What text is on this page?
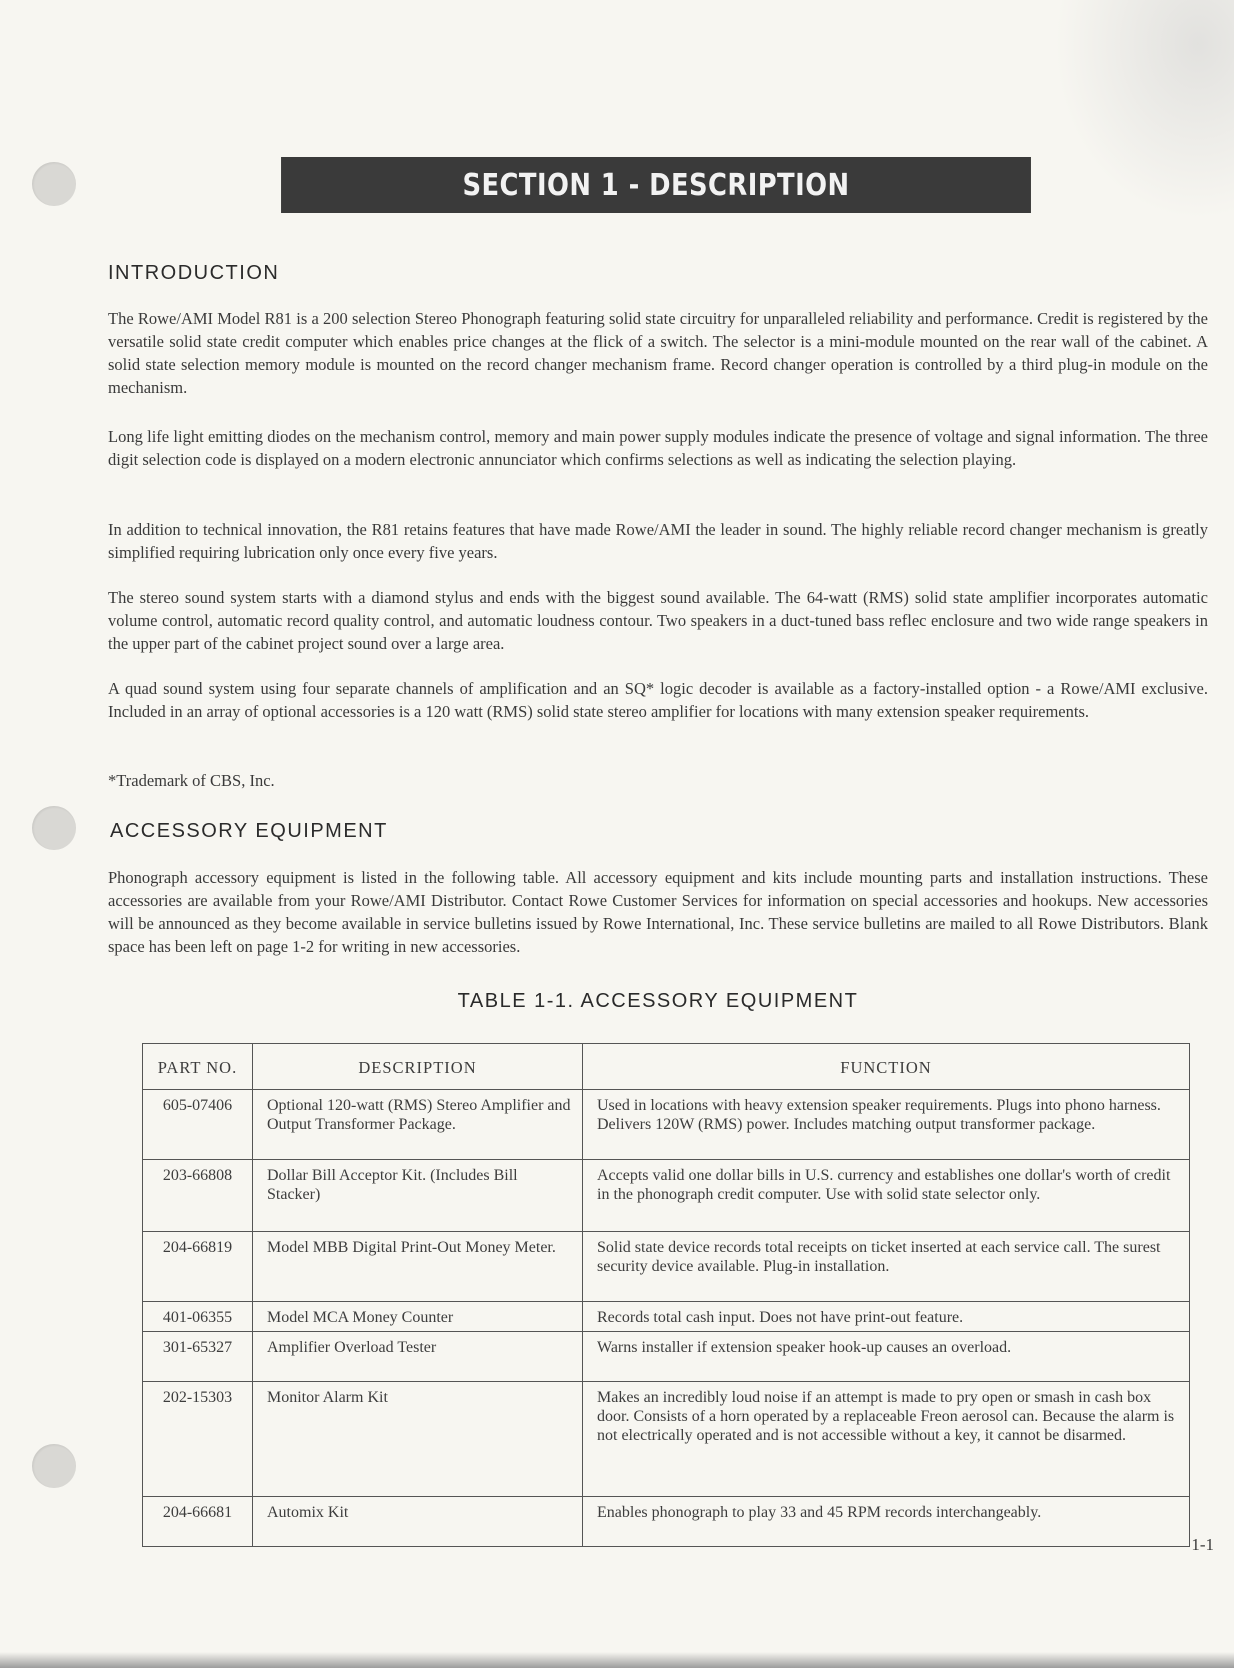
SECTION 1 - DESCRIPTION
INTRODUCTION
The Rowe/AMI Model R81 is a 200 selection Stereo Phonograph featuring solid state circuitry for unparalleled reliability and performance. Credit is registered by the versatile solid state credit computer which enables price changes at the flick of a switch. The selector is a mini-module mounted on the rear wall of the cabinet. A solid state selection memory module is mounted on the record changer mechanism frame. Record changer operation is controlled by a third plug-in module on the mechanism.
Long life light emitting diodes on the mechanism control, memory and main power supply modules indicate the presence of voltage and signal information. The three digit selection code is displayed on a modern electronic annunciator which confirms selections as well as indicating the selection playing.
In addition to technical innovation, the R81 retains features that have made Rowe/AMI the leader in sound. The highly reliable record changer mechanism is greatly simplified requiring lubrication only once every five years.
The stereo sound system starts with a diamond stylus and ends with the biggest sound available. The 64-watt (RMS) solid state amplifier incorporates automatic volume control, automatic record quality control, and automatic loudness contour. Two speakers in a duct-tuned bass reflec enclosure and two wide range speakers in the upper part of the cabinet project sound over a large area.
A quad sound system using four separate channels of amplification and an SQ* logic decoder is available as a factory-installed option - a Rowe/AMI exclusive. Included in an array of optional accessories is a 120 watt (RMS) solid state stereo amplifier for locations with many extension speaker requirements.
*Trademark of CBS, Inc.
ACCESSORY EQUIPMENT
Phonograph accessory equipment is listed in the following table. All accessory equipment and kits include mounting parts and installation instructions. These accessories are available from your Rowe/AMI Distributor. Contact Rowe Customer Services for information on special accessories and hookups. New accessories will be announced as they become available in service bulletins issued by Rowe International, Inc. These service bulletins are mailed to all Rowe Distributors. Blank space has been left on page 1-2 for writing in new accessories.
TABLE 1-1. ACCESSORY EQUIPMENT
PART NO.	DESCRIPTION	FUNCTION
605-07406	Optional 120-watt (RMS) Stereo Amplifier and Output Transformer Package.	Used in locations with heavy extension speaker requirements. Plugs into phono harness. Delivers 120W (RMS) power. Includes matching output transformer package.
203-66808	Dollar Bill Acceptor Kit. (Includes Bill Stacker)	Accepts valid one dollar bills in U.S. currency and establishes one dollar's worth of credit in the phonograph credit computer. Use with solid state selector only.
204-66819	Model MBB Digital Print-Out Money Meter.	Solid state device records total receipts on ticket inserted at each service call. The surest security device available. Plug-in installation.
401-06355	Model MCA Money Counter	Records total cash input. Does not have print-out feature.
301-65327	Amplifier Overload Tester	Warns installer if extension speaker hook-up causes an overload.
202-15303	Monitor Alarm Kit	Makes an incredibly loud noise if an attempt is made to pry open or smash in cash box door. Consists of a horn operated by a replaceable Freon aerosol can. Because the alarm is not electrically operated and is not accessible without a key, it cannot be disarmed.
204-66681	Automix Kit	Enables phonograph to play 33 and 45 RPM records interchangeably.
1-1
